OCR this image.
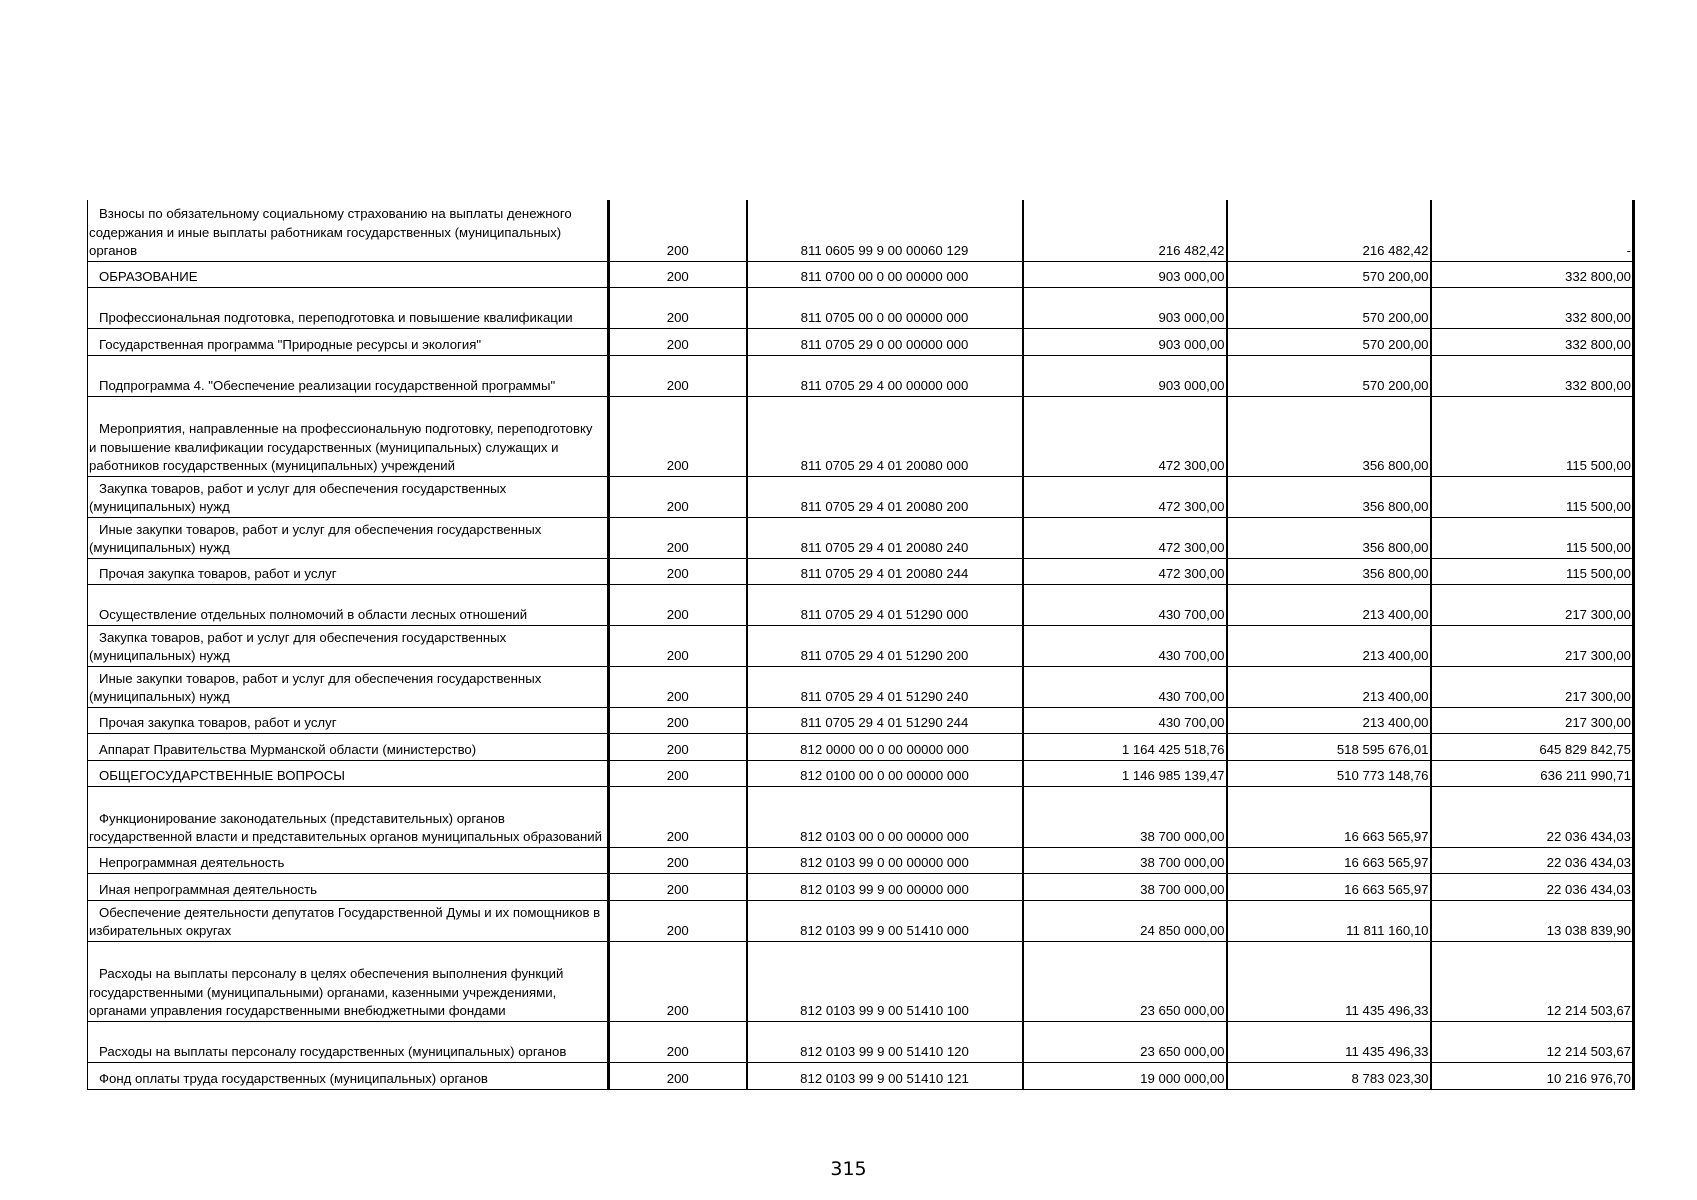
Взносы по обязательному социальному страхованию на выплаты денежного содержания и иные выплаты работникам государственных (муниципальных) органов	200	811 0605 99 9 00 00060 129	216 482,42	216 482,42	-

ОБРАЗОВАНИЕ	200	811 0700 00 0 00 00000 000	903 000,00	570 200,00	332 800,00

Профессиональная подготовка, переподготовка и повышение квалификации	200	811 0705 00 0 00 00000 000	903 000,00	570 200,00	332 800,00

Государственная программа "Природные ресурсы и экология"	200	811 0705 29 0 00 00000 000	903 000,00	570 200,00	332 800,00

Подпрограмма 4. "Обеспечение реализации государственной программы"	200	811 0705 29 4 00 00000 000	903 000,00	570 200,00	332 800,00

Мероприятия, направленные на профессиональную подготовку, переподготовку и повышение квалификации государственных (муниципальных) служащих и работников государственных (муниципальных) учреждений	200	811 0705 29 4 01 20080 000	472 300,00	356 800,00	115 500,00

Закупка товаров, работ и услуг для обеспечения государственных (муниципальных) нужд	200	811 0705 29 4 01 20080 200	472 300,00	356 800,00	115 500,00

Иные закупки товаров, работ и услуг для обеспечения государственных (муниципальных) нужд	200	811 0705 29 4 01 20080 240	472 300,00	356 800,00	115 500,00

Прочая закупка товаров, работ и услуг	200	811 0705 29 4 01 20080 244	472 300,00	356 800,00	115 500,00

Осуществление отдельных полномочий в области лесных отношений	200	811 0705 29 4 01 51290 000	430 700,00	213 400,00	217 300,00

Закупка товаров, работ и услуг для обеспечения государственных (муниципальных) нужд	200	811 0705 29 4 01 51290 200	430 700,00	213 400,00	217 300,00

Иные закупки товаров, работ и услуг для обеспечения государственных (муниципальных) нужд	200	811 0705 29 4 01 51290 240	430 700,00	213 400,00	217 300,00

Прочая закупка товаров, работ и услуг	200	811 0705 29 4 01 51290 244	430 700,00	213 400,00	217 300,00

Аппарат Правительства Мурманской области (министерство)	200	812 0000 00 0 00 00000 000	1 164 425 518,76	518 595 676,01	645 829 842,75

ОБЩЕГОСУДАРСТВЕННЫЕ ВОПРОСЫ	200	812 0100 00 0 00 00000 000	1 146 985 139,47	510 773 148,76	636 211 990,71

Функционирование законодательных (представительных) органов государственной власти и представительных органов муниципальных образований	200	812 0103 00 0 00 00000 000	38 700 000,00	16 663 565,97	22 036 434,03

Непрограммная деятельность	200	812 0103 99 0 00 00000 000	38 700 000,00	16 663 565,97	22 036 434,03

Иная непрограммная деятельность	200	812 0103 99 9 00 00000 000	38 700 000,00	16 663 565,97	22 036 434,03

Обеспечение деятельности депутатов Государственной Думы и их помощников в избирательных округах	200	812 0103 99 9 00 51410 000	24 850 000,00	11 811 160,10	13 038 839,90

Расходы на выплаты персоналу в целях обеспечения выполнения функций государственными (муниципальными) органами, казенными учреждениями, органами управления государственными внебюджетными фондами	200	812 0103 99 9 00 51410 100	23 650 000,00	11 435 496,33	12 214 503,67

Расходы на выплаты персоналу государственных (муниципальных) органов	200	812 0103 99 9 00 51410 120	23 650 000,00	11 435 496,33	12 214 503,67

Фонд оплаты труда государственных (муниципальных) органов	200	812 0103 99 9 00 51410 121	19 000 000,00	8 783 023,30	10 216 976,70
315
